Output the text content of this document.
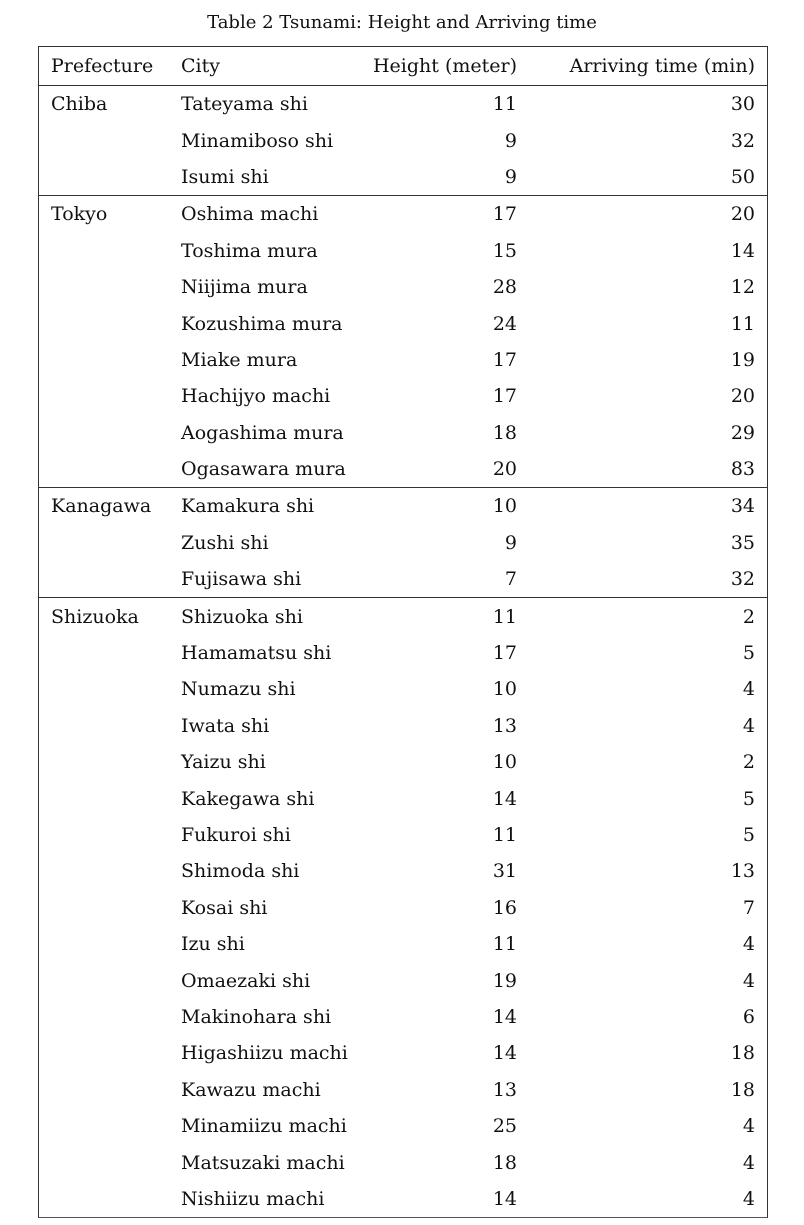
Table 2 Tsunami: Height and Arriving time
Prefecture	City	Height (meter)	Arriving time (min)
Chiba	Tateyama shi	11	30
	Minamiboso shi	9	32
	Isumi shi	9	50
Tokyo	Oshima machi	17	20
	Toshima mura	15	14
	Niijima mura	28	12
	Kozushima mura	24	11
	Miake mura	17	19
	Hachijyo machi	17	20
	Aogashima mura	18	29
	Ogasawara mura	20	83
Kanagawa	Kamakura shi	10	34
	Zushi shi	9	35
	Fujisawa shi	7	32
Shizuoka	Shizuoka shi	11	2
	Hamamatsu shi	17	5
	Numazu shi	10	4
	Iwata shi	13	4
	Yaizu shi	10	2
	Kakegawa shi	14	5
	Fukuroi shi	11	5
	Shimoda shi	31	13
	Kosai shi	16	7
	Izu shi	11	4
	Omaezaki shi	19	4
	Makinohara shi	14	6
	Higashiizu machi	14	18
	Kawazu machi	13	18
	Minamiizu machi	25	4
	Matsuzaki machi	18	4
	Nishiizu machi	14	4
